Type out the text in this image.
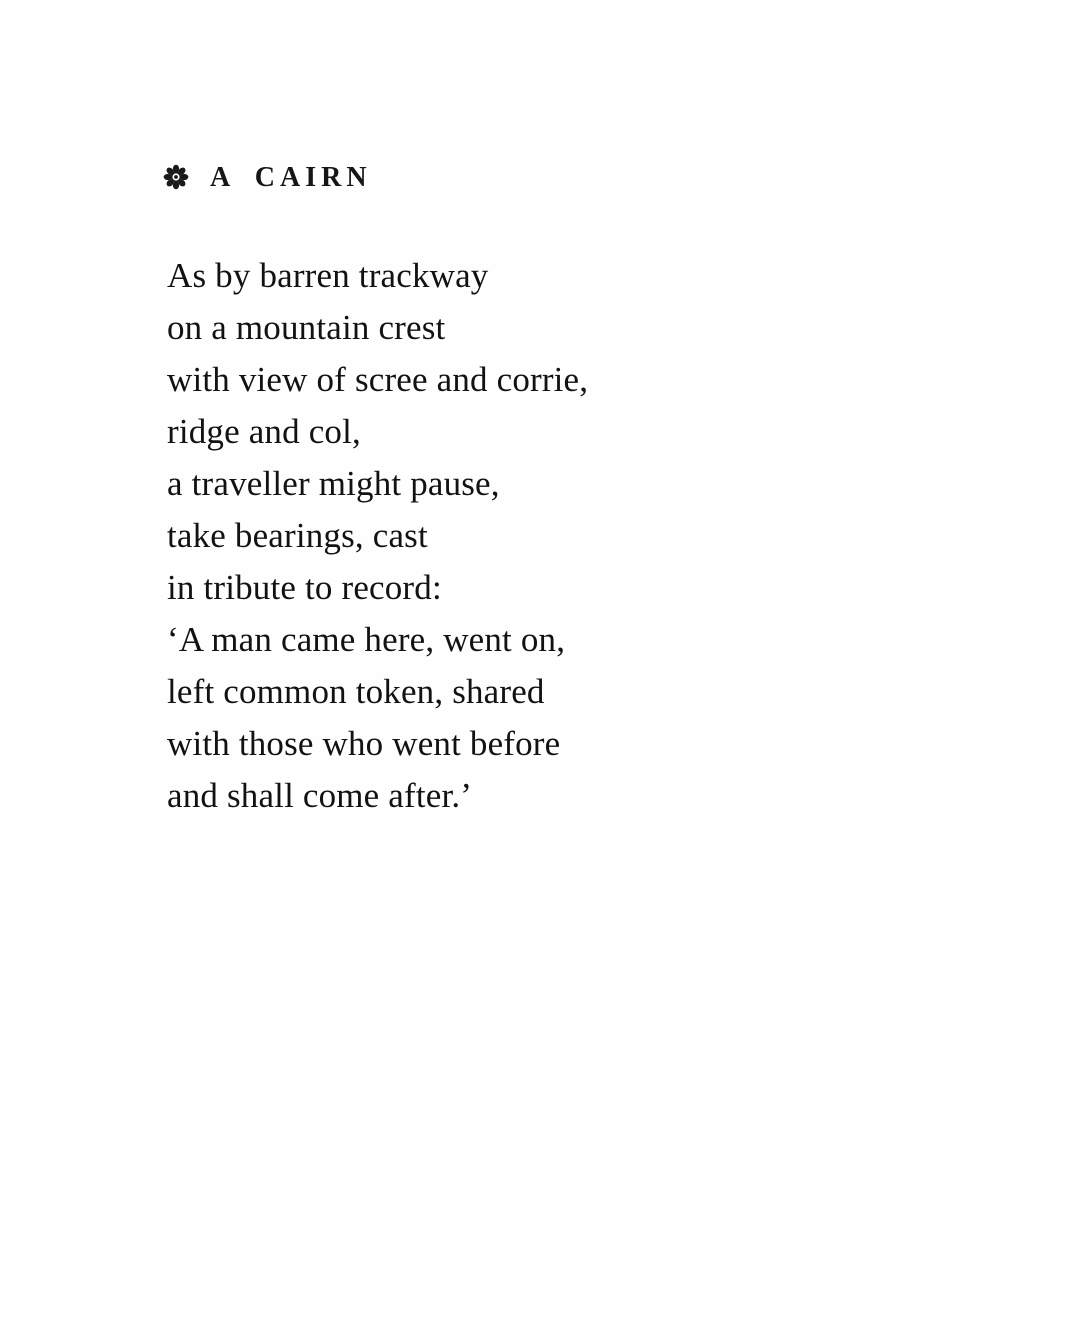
A CAIRN
As by barren trackway
on a mountain crest
with view of scree and corrie,
ridge and col,
a traveller might pause,
take bearings, cast
in tribute to record:
‘A man came here, went on,
left common token, shared
with those who went before
and shall come after.’
